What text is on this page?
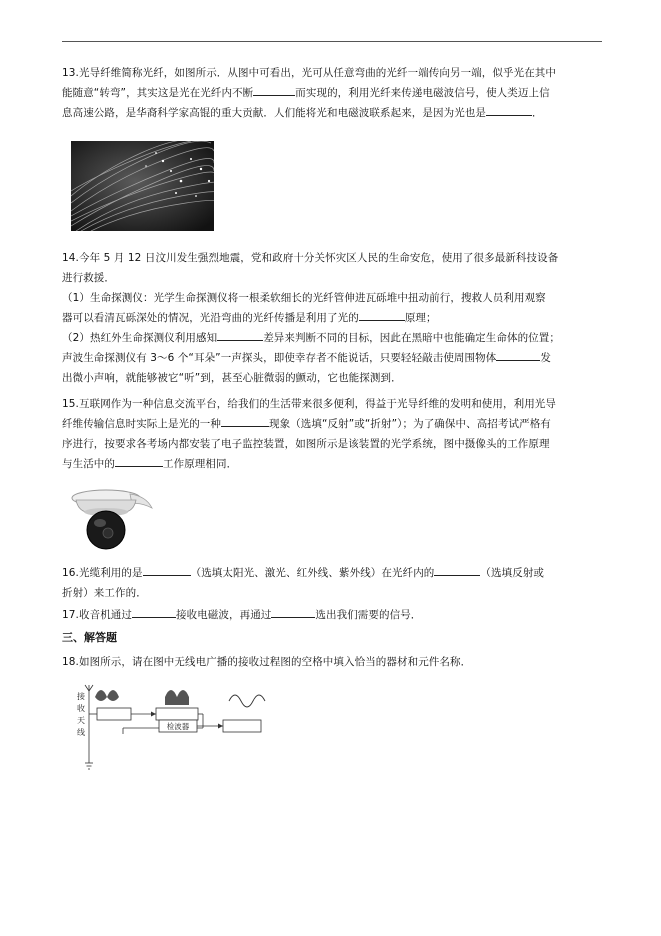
13.光导纤维简称光纤，如图所示．从图中可看出，光可从任意弯曲的光纤一端传向另一端，似乎光在其中
能随意“转弯”，其实这是光在光纤内不断	而实现的，利用光纤来传递电磁波信号，使人类迈上信
息高速公路，是华裔科学家高锟的重大贡献．人们能将光和电磁波联系起来，是因为光也是	．
14.今年 5 月 12 日汶川发生强烈地震，党和政府十分关怀灾区人民的生命安危，使用了很多最新科技设备
进行救援．
（1）生命探测仪：光学生命探测仪将一根柔软细长的光纤管伸进瓦砾堆中扭动前行，搜救人员利用观察
器可以看清瓦砾深处的情况，光沿弯曲的光纤传播是利用了光的	原理；
（2）热红外生命探测仪利用感知	差异来判断不同的目标，因此在黑暗中也能确定生命体的位置；
声波生命探测仪有 3～6 个“耳朵”一声探头，即使幸存者不能说话，只要轻轻敲击使周围物体	发
出微小声响，就能够被它“听”到，甚至心脏微弱的颤动，它也能探测到．
15.互联网作为一种信息交流平台，给我们的生活带来很多便利，得益于光导纤维的发明和使用，利用光导
纤维传输信息时实际上是光的一种	现象（选填“反射”或“折射”）；为了确保中、高招考试严格有
序进行，按要求各考场内都安装了电子监控装置，如图所示是该装置的光学系统，图中摄像头的工作原理
与生活中的	工作原理相同．
16.光缆利用的是	（选填太阳光、激光、红外线、紫外线）在光纤内的	（选填反射或
折射）来工作的．
17.收音机通过	接收电磁波，再通过	选出我们需要的信号．
三、解答题
18.如图所示，请在图中无线电广播的接收过程图的空格中填入恰当的器材和元件名称．
接
收
天
线
检波器
